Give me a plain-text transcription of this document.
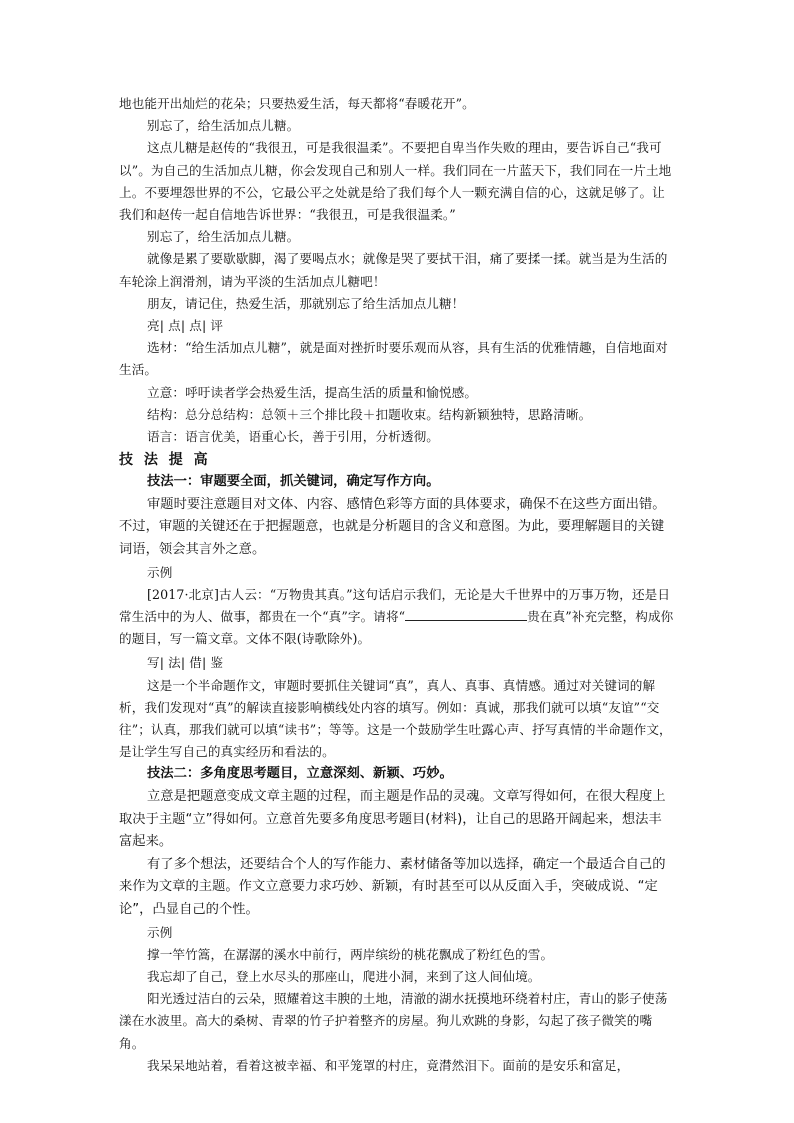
地也能开出灿烂的花朵；只要热爱生活，每天都将“春暖花开”。

别忘了，给生活加点儿糖。

这点儿糖是赵传的“我很丑，可是我很温柔”。不要把自卑当作失败的理由，要告诉自己“我可以”。为自己的生活加点儿糖，你会发现自己和别人一样。我们同在一片蓝天下，我们同在一片土地上。不要埋怨世界的不公，它最公平之处就是给了我们每个人一颗充满自信的心，这就足够了。让我们和赵传一起自信地告诉世界：“我很丑，可是我很温柔。”

别忘了，给生活加点儿糖。

就像是累了要歇歇脚，渴了要喝点水；就像是哭了要拭干泪，痛了要揉一揉。就当是为生活的车轮涂上润滑剂，请为平淡的生活加点儿糖吧！

朋友，请记住，热爱生活，那就别忘了给生活加点儿糖！

亮| 点| 点| 评

选材：“给生活加点儿糖”，就是面对挫折时要乐观而从容，具有生活的优雅情趣，自信地面对生活。

立意：呼吁读者学会热爱生活，提高生活的质量和愉悦感。

结构：总分总结构：总领＋三个排比段＋扣题收束。结构新颖独特，思路清晰。

语言：语言优美，语重心长，善于引用，分析透彻。

技 法 提 高

技法一：审题要全面，抓关键词，确定写作方向。

审题时要注意题目对文体、内容、感情色彩等方面的具体要求，确保不在这些方面出错。不过，审题的关键还在于把握题意，也就是分析题目的含义和意图。为此，要理解题目的关键词语，领会其言外之意。

示例

[2017·北京]古人云：“万物贵其真。”这句话启示我们，无论是大千世界中的万事万物，还是日常生活中的为人、做事，都贵在一个“真”字。请将“	贵在真”补充完整，构成你的题目，写一篇文章。文体不限(诗歌除外)。

写| 法| 借| 鉴

这是一个半命题作文，审题时要抓住关键词“真”，真人、真事、真情感。通过对关键词的解析，我们发现对“真”的解读直接影响横线处内容的填写。例如：真诚，那我们就可以填“友谊”“交往”；认真，那我们就可以填“读书”；等等。这是一个鼓励学生吐露心声、抒写真情的半命题作文，是让学生写自己的真实经历和看法的。

技法二：多角度思考题目，立意深刻、新颖、巧妙。

立意是把题意变成文章主题的过程，而主题是作品的灵魂。文章写得如何，在很大程度上取决于主题“立”得如何。立意首先要多角度思考题目(材料)，让自己的思路开阔起来，想法丰富起来。

有了多个想法，还要结合个人的写作能力、素材储备等加以选择，确定一个最适合自己的来作为文章的主题。作文立意要力求巧妙、新颖，有时甚至可以从反面入手，突破成说、“定论”，凸显自己的个性。

示例

撑一竿竹篙，在潺潺的溪水中前行，两岸缤纷的桃花飘成了粉红色的雪。

我忘却了自己，登上水尽头的那座山，爬进小洞，来到了这人间仙境。

阳光透过洁白的云朵，照耀着这丰腴的土地，清澈的湖水抚摸地环绕着村庄，青山的影子使荡漾在水波里。高大的桑树、青翠的竹子护着整齐的房屋。狗儿欢跳的身影，勾起了孩子微笑的嘴角。

我呆呆地站着，看着这被幸福、和平笼罩的村庄，竟潸然泪下。面前的是安乐和富足，
